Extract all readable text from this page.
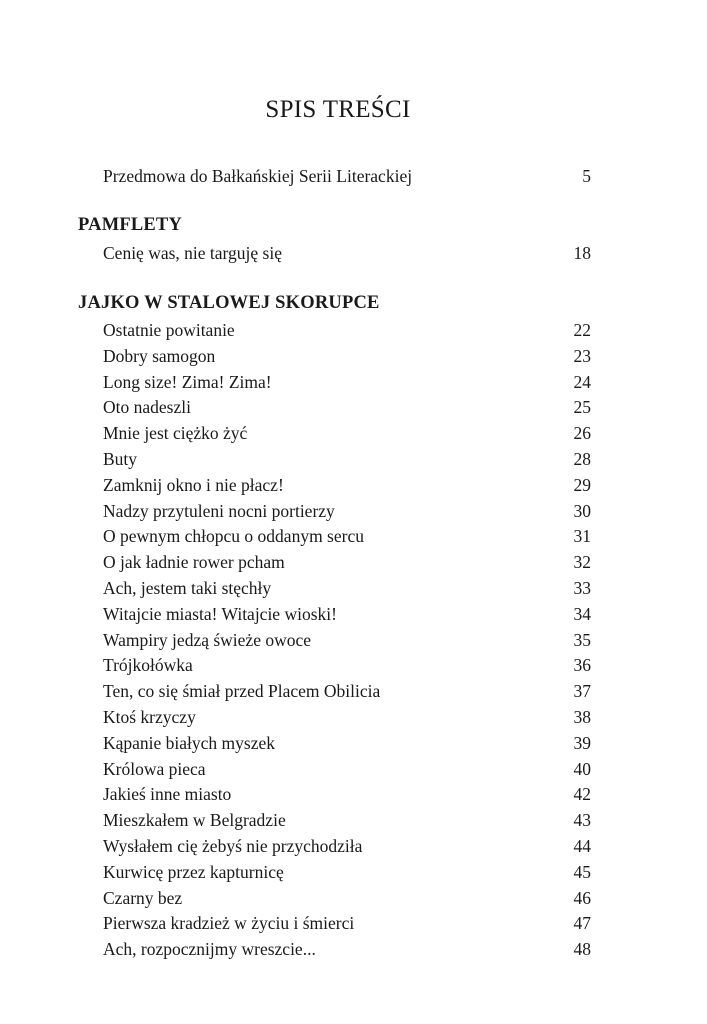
SPIS TREŚCI
Przedmowa do Bałkańskiej Serii Literackiej	5
PAMFLETY
Cenię was, nie targuję się	18
JAJKO W STALOWEJ SKORUPCE
Ostatnie powitanie	22
Dobry samogon	23
Long size! Zima! Zima!	24
Oto nadeszli	25
Mnie jest ciężko żyć	26
Buty	28
Zamknij okno i nie płacz!	29
Nadzy przytuleni nocni portierzy	30
O pewnym chłopcu o oddanym sercu	31
O jak ładnie rower pcham	32
Ach, jestem taki stęchły	33
Witajcie miasta! Witajcie wioski!	34
Wampiry jedzą świeże owoce	35
Trójkołówka	36
Ten, co się śmiał przed Placem Obilicia	37
Ktoś krzyczy	38
Kąpanie białych myszek	39
Królowa pieca	40
Jakieś inne miasto	42
Mieszkałem w Belgradzie	43
Wysłałem cię żebyś nie przychodziła	44
Kurwicę przez kapturnicę	45
Czarny bez	46
Pierwsza kradzież w życiu i śmierci	47
Ach, rozpocznijmy wreszcie...	48
